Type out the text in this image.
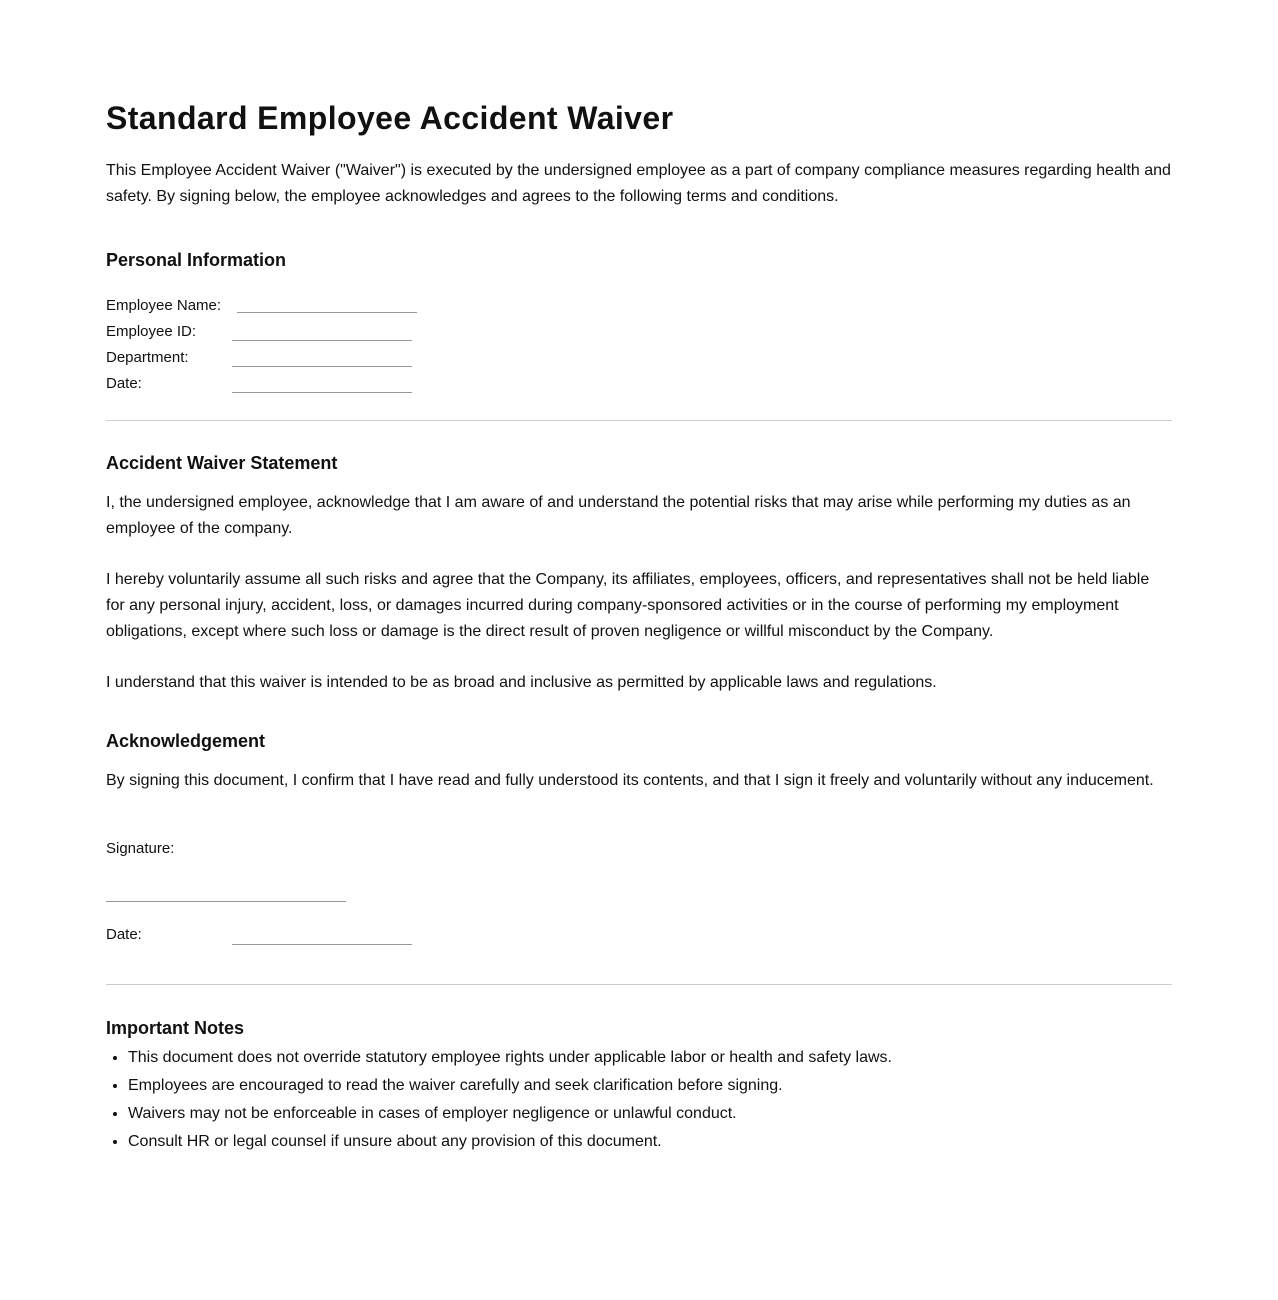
Standard Employee Accident Waiver

This Employee Accident Waiver ("Waiver") is executed by the undersigned employee as a part of company compliance measures regarding health and safety. By signing below, the employee acknowledges and agrees to the following terms and conditions.

Personal Information
Employee Name:
Employee ID:
Department:
Date:
Accident Waiver Statement

I, the undersigned employee, acknowledge that I am aware of and understand the potential risks that may arise while performing my duties as an employee of the company.

I hereby voluntarily assume all such risks and agree that the Company, its affiliates, employees, officers, and representatives shall not be held liable for any personal injury, accident, loss, or damages incurred during company-sponsored activities or in the course of performing my employment obligations, except where such loss or damage is the direct result of proven negligence or willful misconduct by the Company.

I understand that this waiver is intended to be as broad and inclusive as permitted by applicable laws and regulations.

Acknowledgement

By signing this document, I confirm that I have read and fully understood its contents, and that I sign it freely and voluntarily without any inducement.

Signature:
Date:
Important Notes
• This document does not override statutory employee rights under applicable labor or health and safety laws.
• Employees are encouraged to read the waiver carefully and seek clarification before signing.
• Waivers may not be enforceable in cases of employer negligence or unlawful conduct.
• Consult HR or legal counsel if unsure about any provision of this document.
